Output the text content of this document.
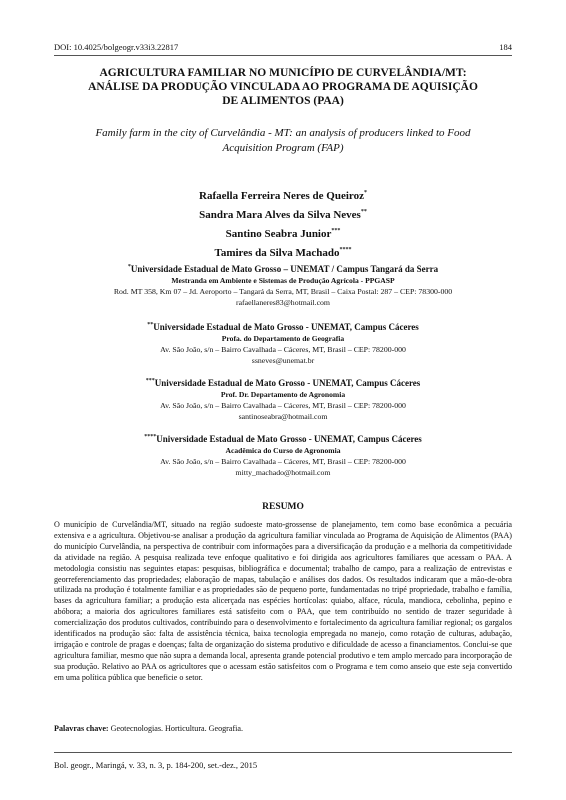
DOI: 10.4025/bolgeogr.v33i3.22817	184
AGRICULTURA FAMILIAR NO MUNICÍPIO DE CURVELÂNDIA/MT:
ANÁLISE DA PRODUÇÃO VINCULADA AO PROGRAMA DE AQUISIÇÃO
DE ALIMENTOS (PAA)
Family farm in the city of Curvelândia - MT: an analysis of producers linked to Food
Acquisition Program (FAP)
Rafaella Ferreira Neres de Queiroz*
Sandra Mara Alves da Silva Neves**
Santino Seabra Junior***
Tamires da Silva Machado****
*Universidade Estadual de Mato Grosso – UNEMAT / Campus Tangará da Serra
Mestranda em Ambiente e Sistemas de Produção Agrícola - PPGASP
Rod. MT 358, Km 07 – Jd. Aeroporto – Tangará da Serra, MT, Brasil – Caixa Postal: 287 – CEP: 78300-000
rafaellaneres83@hotmail.com
**Universidade Estadual de Mato Grosso - UNEMAT, Campus Cáceres
Profa. do Departamento de Geografia
Av. São João, s/n – Bairro Cavalhada – Cáceres, MT, Brasil – CEP: 78200-000
ssneves@unemat.br
***Universidade Estadual de Mato Grosso - UNEMAT, Campus Cáceres
Prof. Dr. Departamento de Agronomia
Av. São João, s/n – Bairro Cavalhada – Cáceres, MT, Brasil – CEP: 78200-000
santinoseabra@hotmail.com
****Universidade Estadual de Mato Grosso - UNEMAT, Campus Cáceres
Acadêmica do Curso de Agronomia
Av. São João, s/n – Bairro Cavalhada – Cáceres, MT, Brasil – CEP: 78200-000
mitty_machado@hotmail.com
RESUMO
O município de Curvelândia/MT, situado na região sudoeste mato-grossense de planejamento, tem como base econômica a pecuária extensiva e a agricultura. Objetivou-se analisar a produção da agricultura familiar vinculada ao Programa de Aquisição de Alimentos (PAA) do município Curvelândia, na perspectiva de contribuir com informações para a diversificação da produção e a melhoria da competitividade da atividade na região. A pesquisa realizada teve enfoque qualitativo e foi dirigida aos agricultores familiares que acessam o PAA. A metodologia consistiu nas seguintes etapas: pesquisas, bibliográfica e documental; trabalho de campo, para a realização de entrevistas e georreferenciamento das propriedades; elaboração de mapas, tabulação e análises dos dados. Os resultados indicaram que a mão-de-obra utilizada na produção é totalmente familiar e as propriedades são de pequeno porte, fundamentadas no tripé propriedade, trabalho e família, bases da agricultura familiar; a produção esta alicerçada nas espécies hortícolas: quiabo, alface, rúcula, mandioca, cebolinha, pepino e abóbora; a maioria dos agricultores familiares está satisfeito com o PAA, que tem contribuído no sentido de trazer seguridade à comercialização dos produtos cultivados, contribuindo para o desenvolvimento e fortalecimento da agricultura familiar regional; os gargalos identificados na produção são: falta de assistência técnica, baixa tecnologia empregada no manejo, como rotação de culturas, adubação, irrigação e controle de pragas e doenças; falta de organização do sistema produtivo e dificuldade de acesso a financiamentos. Conclui-se que agricultura familiar, mesmo que não supra a demanda local, apresenta grande potencial produtivo e tem amplo mercado para incorporação de sua produção. Relativo ao PAA os agricultores que o acessam estão satisfeitos com o Programa e tem como anseio que este seja convertido em uma política pública que beneficie o setor.
Palavras chave: Geotecnologias. Horticultura. Geografia.
Bol. geogr., Maringá, v. 33, n. 3, p. 184-200, set.-dez., 2015
